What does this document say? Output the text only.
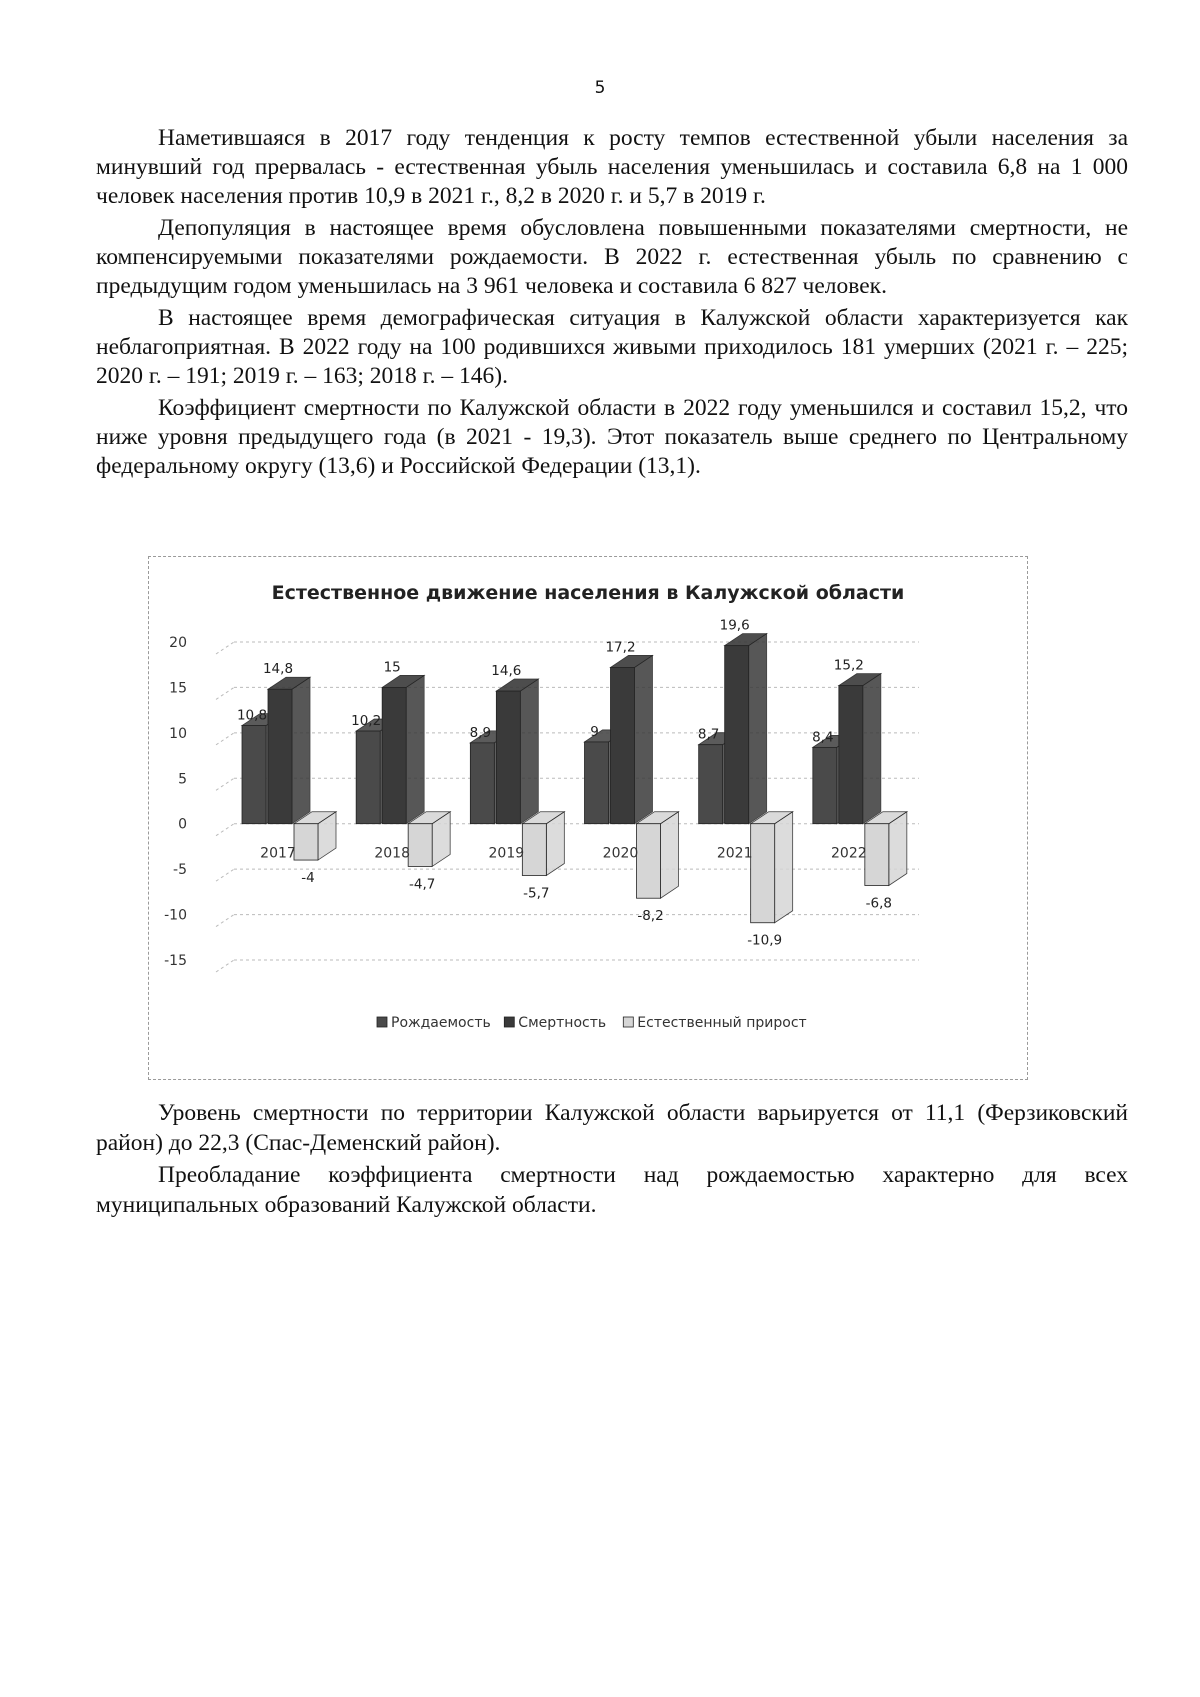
5

Наметившаяся в 2017 году тенденция к росту темпов естественной убыли населения за минувший год прервалась - естественная убыль населения уменьшилась и составила 6,8 на 1 000 человек населения против 10,9 в 2021 г., 8,2 в 2020 г. и 5,7 в 2019 г.

Депопуляция в настоящее время обусловлена повышенными показателями смертности, не компенсируемыми показателями рождаемости. В 2022 г. естественная убыль по сравнению с предыдущим годом уменьшилась на 3 961 человека и составила 6 827 человек.

В настоящее время демографическая ситуация в Калужской области характеризуется как неблагоприятная. В 2022 году на 100 родившихся живыми приходилось 181 умерших (2021 г. – 225; 2020 г. – 191; 2019 г. – 163; 2018 г. – 146).

Коэффициент смертности по Калужской области в 2022 году уменьшился и составил 15,2, что ниже уровня предыдущего года (в 2021 - 19,3). Этот показатель выше среднего по Центральному федеральному округу (13,6) и Российской Федерации (13,1).

Естественное движение населения в Калужской области
20
15
10
5
0
-5
-10
-15
10,8
14,8
-4
2017
10,2
15
-4,7
2018
8,9
14,6
-5,7
2019
9
17,2
-8,2
2020
8,7
19,6
-10,9
2021
8,4
15,2
-6,8
2022
Рождаемость Смертность Естественный прирост

Уровень смертности по территории Калужской области варьируется от 11,1 (Ферзиковский район) до 22,3 (Спас-Деменский район).

Преобладание коэффициента смертности над рождаемостью характерно для всех муниципальных образований Калужской области.
